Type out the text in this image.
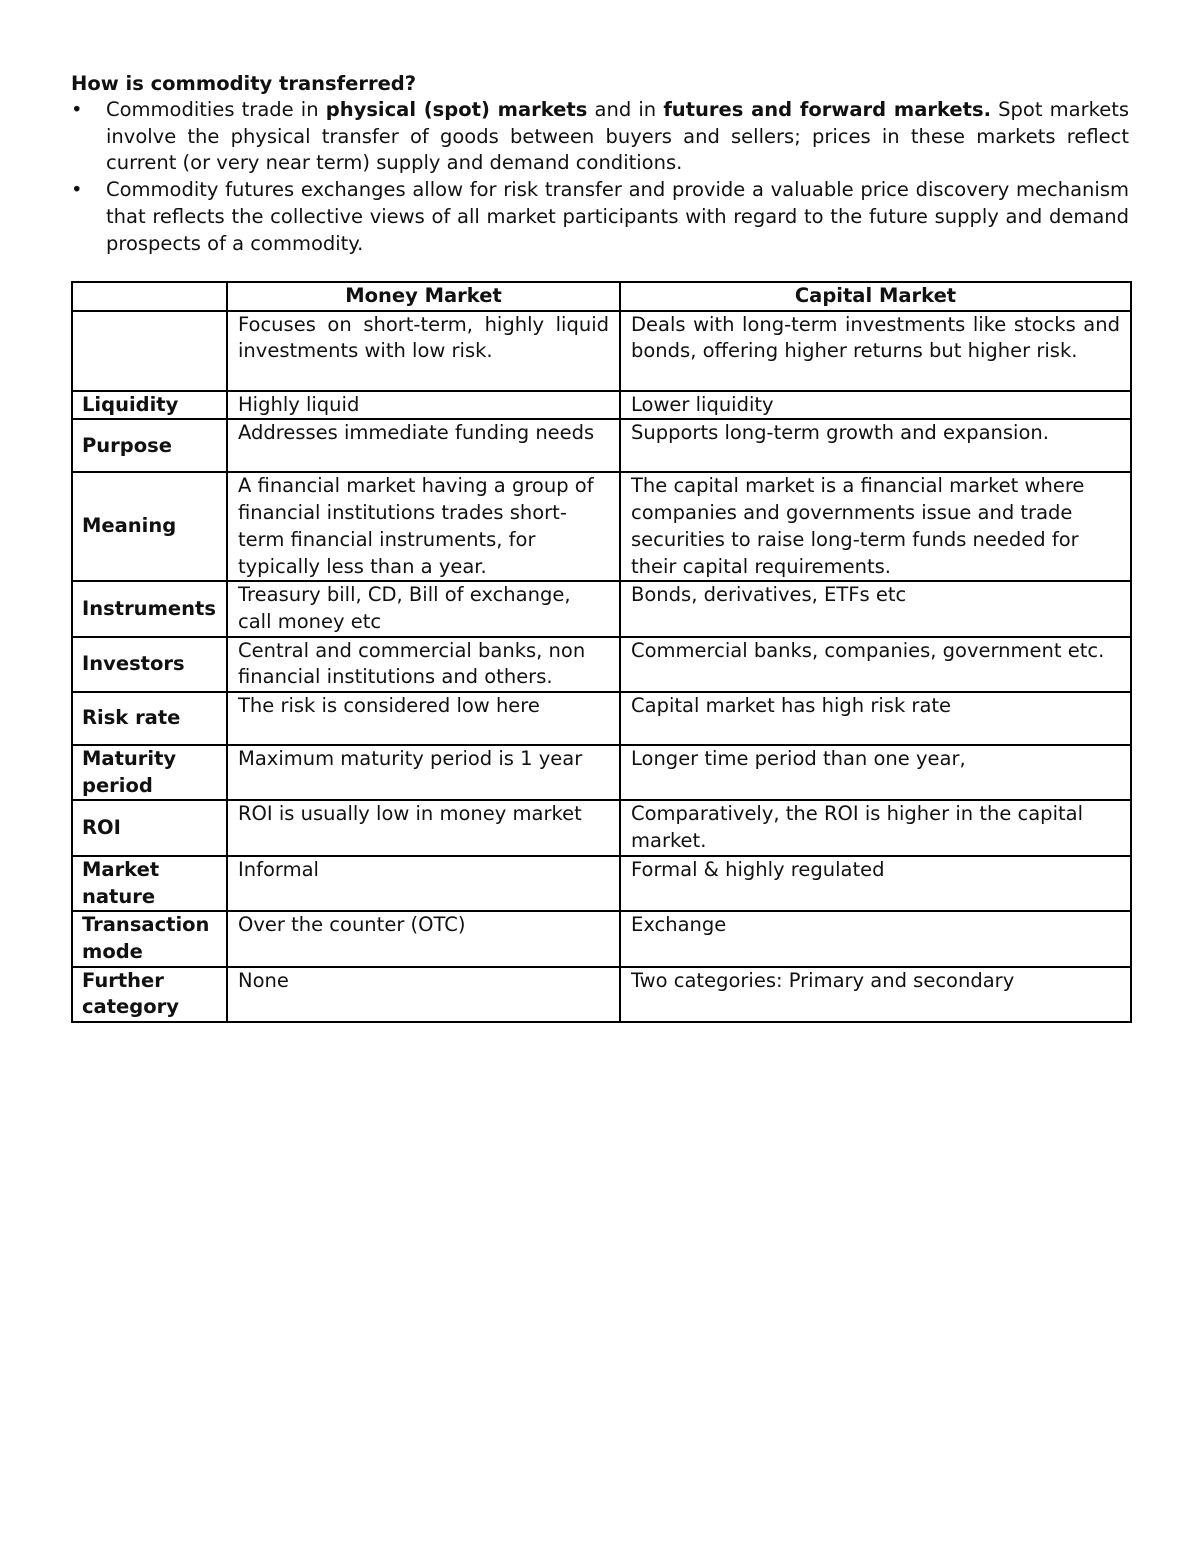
How is commodity transferred?

• Commodities trade in physical (spot) markets and in futures and forward markets. Spot markets involve the physical transfer of goods between buyers and sellers; prices in these markets reflect current (or very near term) supply and demand conditions.
• Commodity futures exchanges allow for risk transfer and provide a valuable price discovery mechanism that reflects the collective views of all market participants with regard to the future supply and demand prospects of a commodity.
	Money Market	Capital Market
	Focuses on short-term, highly liquid investments with low risk.	Deals with long-term investments like stocks and bonds, offering higher returns but higher risk.
Liquidity	Highly liquid	Lower liquidity
Purpose	Addresses immediate funding needs	Supports long-term growth and expansion.
Meaning	A financial market having a group of financial institutions trades short-term financial instruments, for typically less than a year.	The capital market is a financial market where companies and governments issue and trade securities to raise long-term funds needed for their capital requirements.
Instruments	Treasury bill, CD, Bill of exchange, call money etc	Bonds, derivatives, ETFs etc
Investors	Central and commercial banks, non financial institutions and others.	Commercial banks, companies, government etc.
Risk rate	The risk is considered low here	Capital market has high risk rate
Maturity period	Maximum maturity period is 1 year	Longer time period than one year,
ROI	ROI is usually low in money market	Comparatively, the ROI is higher in the capital market.
Market nature	Informal	Formal & highly regulated
Transaction mode	Over the counter (OTC)	Exchange
Further category	None	Two categories: Primary and secondary
